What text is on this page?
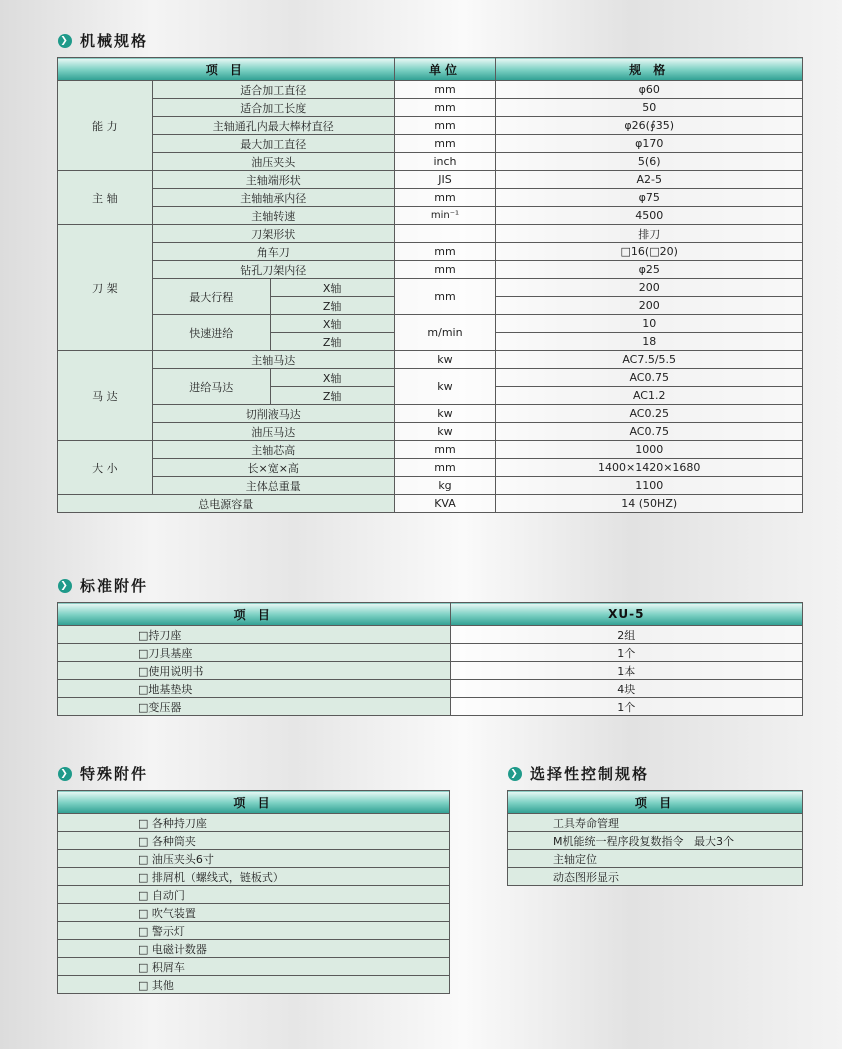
❯ 机械规格
项 目			单位	规 格
能 力	适合加工直径		mm	φ60
	适合加工长度		mm	50
	主轴通孔内最大棒材直径		mm	φ26(∮35)
	最大加工直径		mm	φ170
	油压夹头		inch	5(6)
主 轴	主轴端形状		JIS	A2-5
	主轴轴承内径		mm	φ75
	主轴转速		min⁻¹	4500
刀 架	刀架形状			排刀
	角车刀		mm	□16(□20)
	钻孔刀架内径		mm	φ25
	最大行程	X轴	mm	200
		Z轴		200
	快速进给	X轴	m/min	10
		Z轴		18
马 达	主轴马达		kw	AC7.5/5.5
	进给马达	X轴	kw	AC0.75
		Z轴		AC1.2
	切削液马达		kw	AC0.25
	油压马达		kw	AC0.75
大 小	主轴芯高		mm	1000
	长×宽×高		mm	1400×1420×1680
	主体总重量		kg	1100
总电源容量			KVA	14 (50HZ)
❯ 标准附件
项 目	XU-5
□持刀座	2组
□刀具基座	1个
□使用说明书	1本
□地基垫块	4块
□变压器	1个
❯ 特殊附件
项 目
□ 各种持刀座
□ 各种筒夹
□ 油压夹头6寸
□ 排屑机（螺线式，链板式）
□ 自动门
□ 吹气装置
□ 警示灯
□ 电磁计数器
□ 积屑车
□ 其他
❯ 选择性控制规格
项 目
工具寿命管理
M机能统一程序段复数指令   最大3个
主轴定位
动态图形显示
